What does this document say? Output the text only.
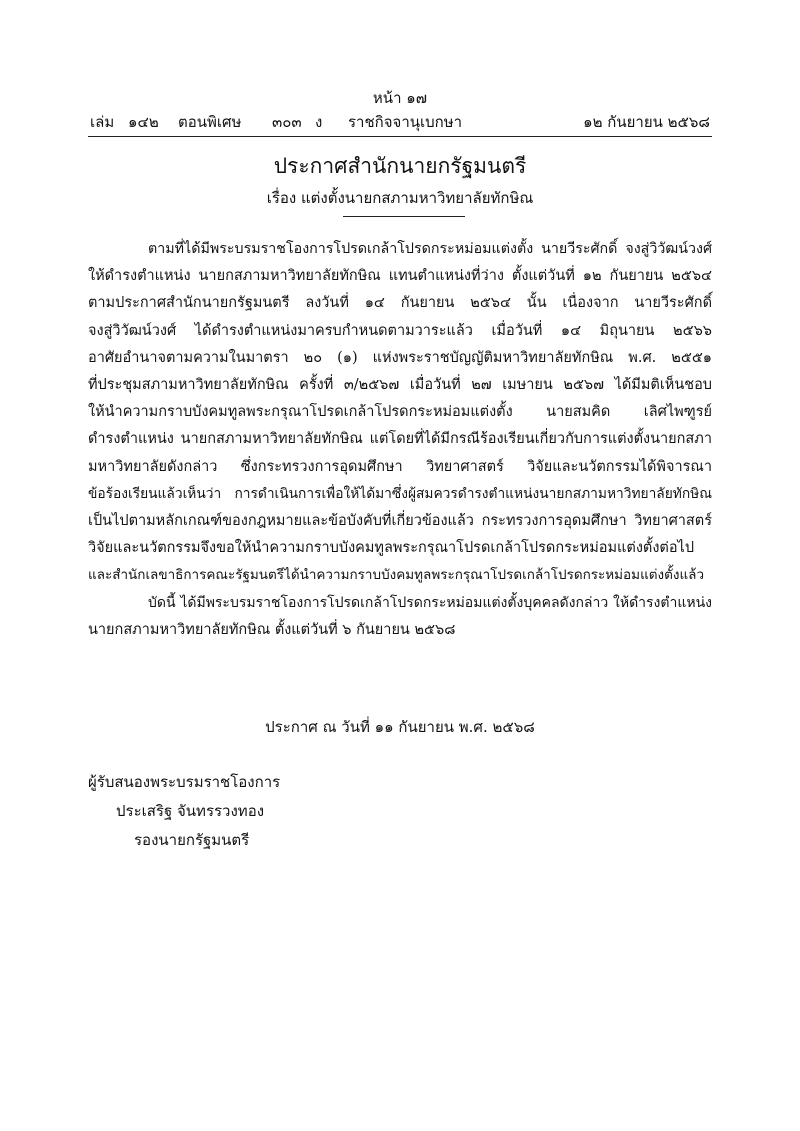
หน้า ๑๗
เล่ม ๑๔๒ ตอนพิเศษ ๓๐๓ ง ราชกิจจานุเบกษา	๑๒ กันยายน ๒๕๖๘
ประกาศสำนักนายกรัฐมนตรี
เรื่อง แต่งตั้งนายกสภามหาวิทยาลัยทักษิณ
ตามที่ได้มีพระบรมราชโองการโปรดเกล้าโปรดกระหม่อมแต่งตั้ง นายวีระศักดิ์ จงสู่วิวัฒน์วงศ์
ให้ดำรงตำแหน่ง นายกสภามหาวิทยาลัยทักษิณ แทนตำแหน่งที่ว่าง ตั้งแต่วันที่ ๑๒ กันยายน ๒๕๖๔
ตามประกาศสำนักนายกรัฐมนตรี ลงวันที่ ๑๔ กันยายน ๒๕๖๔ นั้น เนื่องจาก นายวีระศักดิ์
จงสู่วิวัฒน์วงศ์ ได้ดำรงตำแหน่งมาครบกำหนดตามวาระแล้ว เมื่อวันที่ ๑๔ มิถุนายน ๒๕๖๖
อาศัยอำนาจตามความในมาตรา ๒๐ (๑) แห่งพระราชบัญญัติมหาวิทยาลัยทักษิณ พ.ศ. ๒๕๕๑
ที่ประชุมสภามหาวิทยาลัยทักษิณ ครั้งที่ ๓/๒๕๖๗ เมื่อวันที่ ๒๗ เมษายน ๒๕๖๗ ได้มีมติเห็นชอบ
ให้นำความกราบบังคมทูลพระกรุณาโปรดเกล้าโปรดกระหม่อมแต่งตั้ง นายสมคิด เลิศไพฑูรย์
ดำรงตำแหน่ง นายกสภามหาวิทยาลัยทักษิณ แต่โดยที่ได้มีกรณีร้องเรียนเกี่ยวกับการแต่งตั้งนายกสภา
มหาวิทยาลัยดังกล่าว ซึ่งกระทรวงการอุดมศึกษา วิทยาศาสตร์ วิจัยและนวัตกรรมได้พิจารณา
ข้อร้องเรียนแล้วเห็นว่า การดำเนินการเพื่อให้ได้มาซึ่งผู้สมควรดำรงตำแหน่งนายกสภามหาวิทยาลัยทักษิณ
เป็นไปตามหลักเกณฑ์ของกฎหมายและข้อบังคับที่เกี่ยวข้องแล้ว กระทรวงการอุดมศึกษา วิทยาศาสตร์
วิจัยและนวัตกรรมจึงขอให้นำความกราบบังคมทูลพระกรุณาโปรดเกล้าโปรดกระหม่อมแต่งตั้งต่อไป
และสำนักเลขาธิการคณะรัฐมนตรีได้นำความกราบบังคมทูลพระกรุณาโปรดเกล้าโปรดกระหม่อมแต่งตั้งแล้ว
บัดนี้ ได้มีพระบรมราชโองการโปรดเกล้าโปรดกระหม่อมแต่งตั้งบุคคลดังกล่าว ให้ดำรงตำแหน่ง
นายกสภามหาวิทยาลัยทักษิณ ตั้งแต่วันที่ ๖ กันยายน ๒๕๖๘
ประกาศ ณ วันที่ ๑๑ กันยายน พ.ศ. ๒๕๖๘
ผู้รับสนองพระบรมราชโองการ
ประเสริฐ จันทรรวงทอง
รองนายกรัฐมนตรี
